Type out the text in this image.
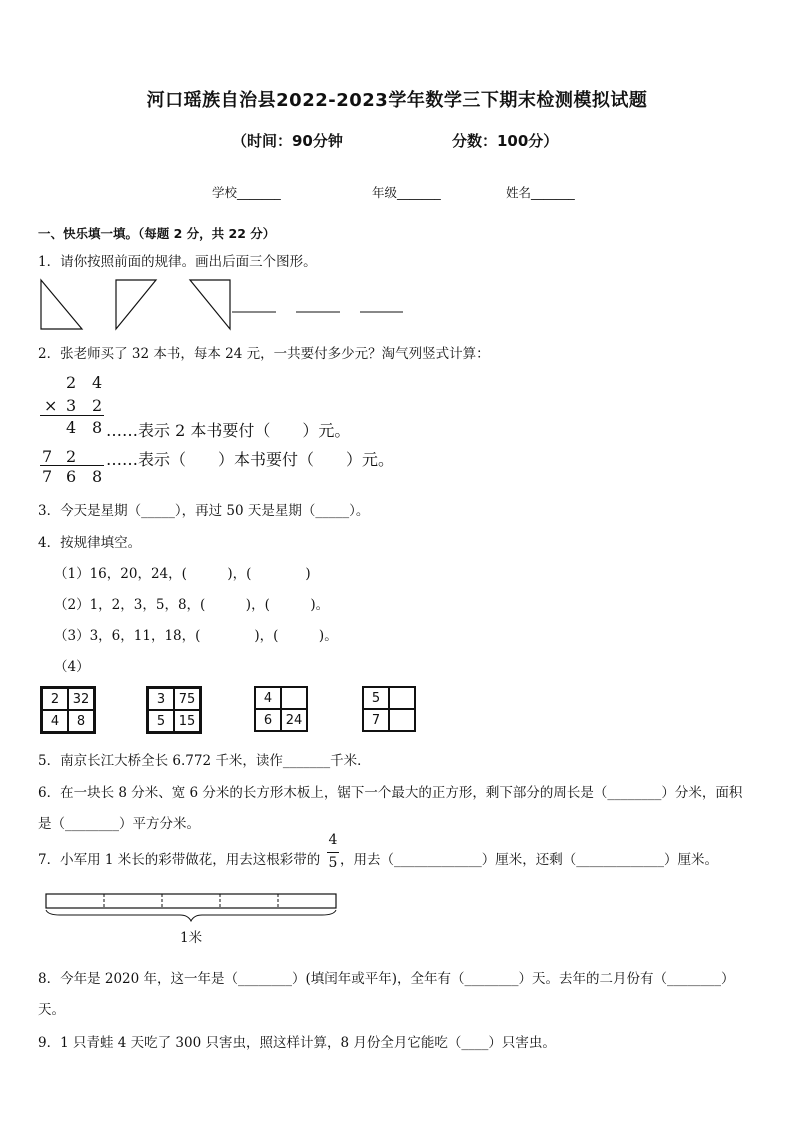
河口瑶族自治县2022-2023学年数学三下期末检测模拟试题
（时间：90分钟	分数：100分）
学校_______	年级_______	姓名_______
一、快乐填一填。（每题 2 分，共 22 分）
1．请你按照前面的规律。画出后面三个图形。
2．张老师买了 32 本书，每本 24 元，一共要付多少元？淘气列竖式计算：
2 4
× 3 2
4 8 ……表示 2 本书要付（　　）元。
7 2 ……表示（　　）本书要付（　　）元。
7 6 8
3．今天是星期（_____），再过 50 天是星期（_____）。
4．按规律填空。
（1）16，20，24，(　　　)，(　　　　)
（2）1，2，3，5，8，(　　　)，(　　　)。
（3）3，6，11，18，(　　　　)，(　　　)。
（4）
2	32
4	8
3	75
5	15
4
6	24
5
7
5．南京长江大桥全长 6.772 千米，读作_______千米．
6．在一块长 8 分米、宽 6 分米的长方形木板上，锯下一个最大的正方形，剩下部分的周长是（________）分米，面积
是（________）平方分米。
7．小军用 1 米长的彩带做花，用去这根彩带的
4
5 ，用去（_____________）厘米，还剩（_____________）厘米。
1米
8．今年是 2020 年，这一年是（________）(填闰年或平年)，全年有（________）天。去年的二月份有（________）
天。
9．1 只青蛙 4 天吃了 300 只害虫，照这样计算，8 月份全月它能吃（____）只害虫。
